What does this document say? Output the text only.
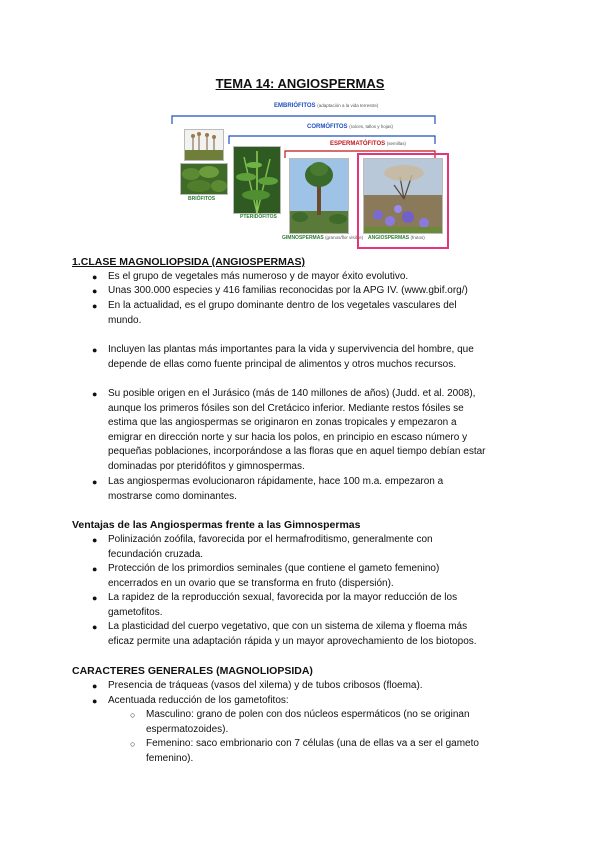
TEMA 14: ANGIOSPERMAS
EMBRIÓFITOS (adaptación a la vida terrestre)
CORMÓFITOS (raíces, tallos y hojas)
ESPERMATÓFITOS (semillas)
BRIÓFITOS
PTERIDÓFITOS
GIMNOSPERMAS (granos/flor visible) ANGIOSPERMAS (frutos)
1.CLASE MAGNOLIOPSIDA (ANGIOSPERMAS)
● Es el grupo de vegetales más numeroso y de mayor éxito evolutivo.
● Unas 300.000 especies y 416 familias reconocidas por la APG IV. (www.gbif.org/)
● En la actualidad, es el grupo dominante dentro de los vegetales vasculares del
mundo.
● Incluyen las plantas más importantes para la vida y supervivencia del hombre, que
depende de ellas como fuente principal de alimentos y otros muchos recursos.
● Su posible origen en el Jurásico (más de 140 millones de años) (Judd. et al. 2008),
aunque los primeros fósiles son del Cretácico inferior. Mediante restos fósiles se
estima que las angiospermas se originaron en zonas tropicales y empezaron a
emigrar en dirección norte y sur hacia los polos, en principio en escaso número y
pequeñas poblaciones, incorporándose a las floras que en aquel tiempo debían estar
dominadas por pteridófitos y gimnospermas.
● Las angiospermas evolucionaron rápidamente, hace 100 m.a. empezaron a
mostrarse como dominantes.
Ventajas de las Angiospermas frente a las Gimnospermas
● Polinización zoófila, favorecida por el hermafroditismo, generalmente con
fecundación cruzada.
● Protección de los primordios seminales (que contiene el gameto femenino)
encerrados en un ovario que se transforma en fruto (dispersión).
● La rapidez de la reproducción sexual, favorecida por la mayor reducción de los
gametofitos.
● La plasticidad del cuerpo vegetativo, que con un sistema de xilema y floema más
eficaz permite una adaptación rápida y un mayor aprovechamiento de los biotopos.
CARACTERES GENERALES (MAGNOLIOPSIDA)
● Presencia de tráqueas (vasos del xilema) y de tubos cribosos (floema).
● Acentuada reducción de los gametofitos:
○ Masculino: grano de polen con dos núcleos espermáticos (no se originan
espermatozoides).
○ Femenino: saco embrionario con 7 células (una de ellas va a ser el gameto
femenino).
